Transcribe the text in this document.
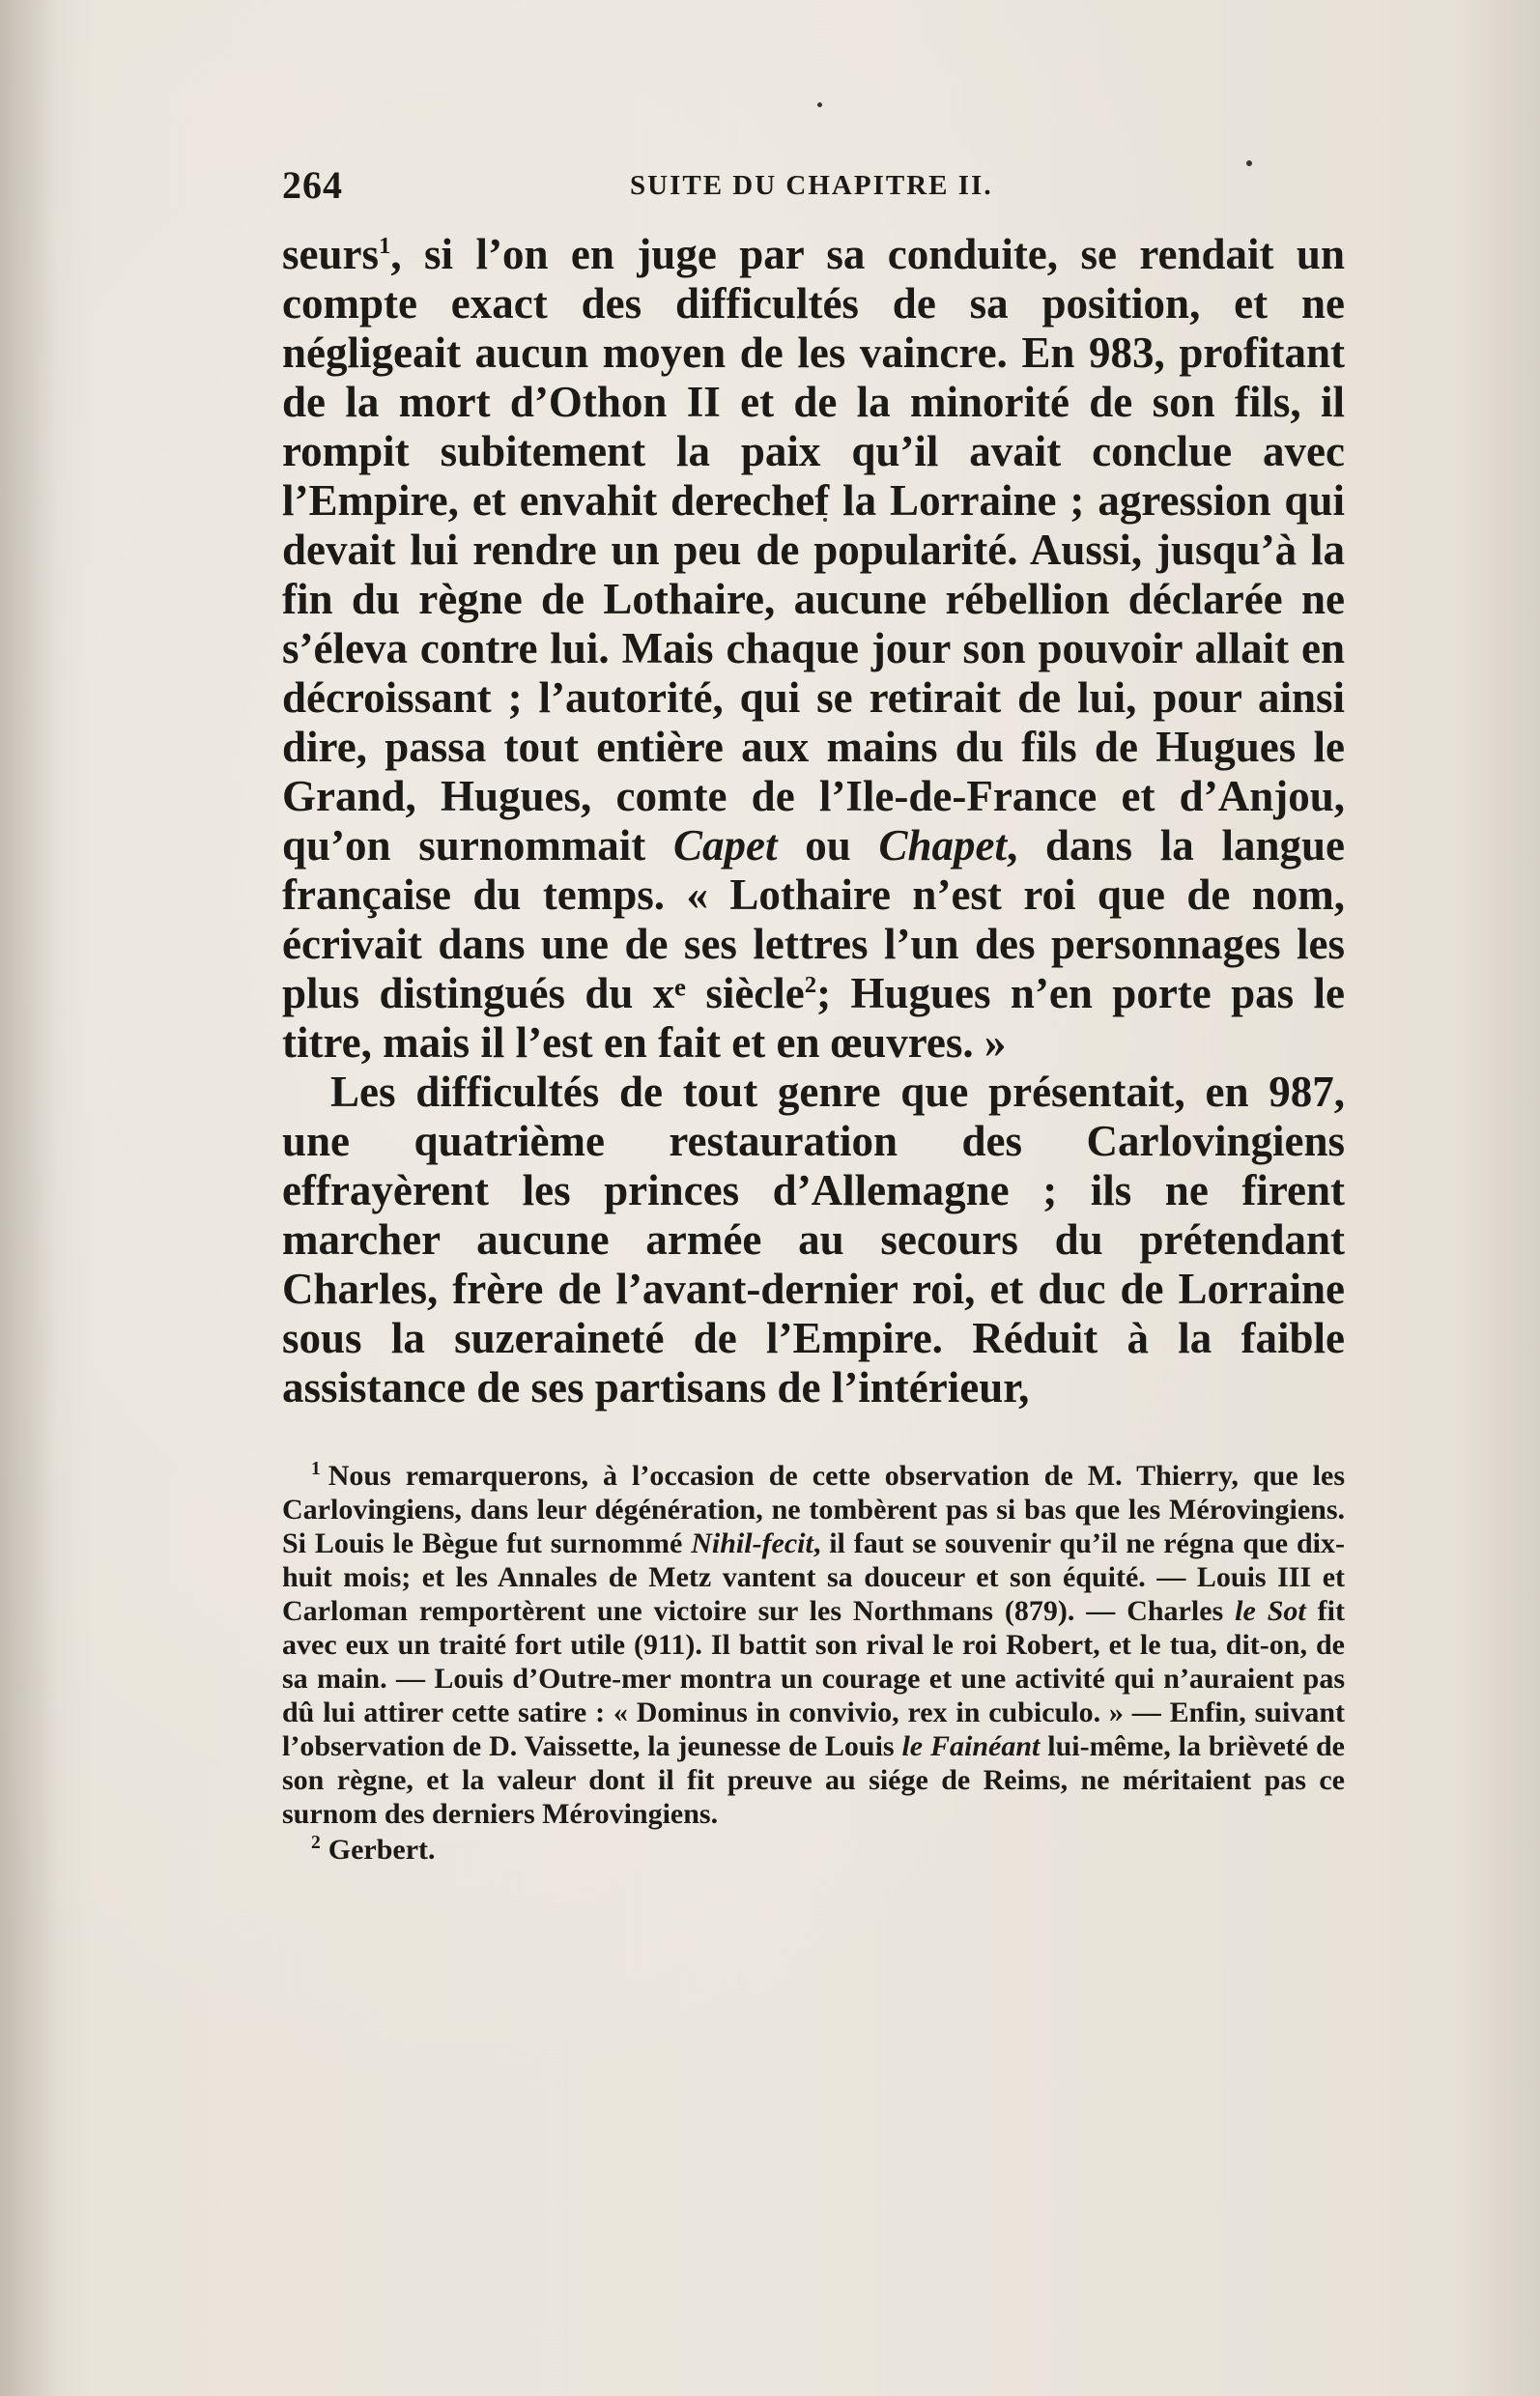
264	SUITE DU CHAPITRE II.

seurs$^1$, si l’on en juge par sa conduite, se rendait un compte exact des difficultés de sa position, et ne négligeait aucun moyen de les vaincre. En 983, profitant de la mort d’Othon II et de la minorité de son fils, il rompit subitement la paix qu’il avait conclue avec l’Empire, et envahit derechef la Lorraine ; agression qui devait lui rendre un peu de popularité. Aussi, jusqu’à la fin du règne de Lothaire, aucune rébellion déclarée ne s’éleva contre lui. Mais chaque jour son pouvoir allait en décroissant ; l’autorité, qui se retirait de lui, pour ainsi dire, passa tout entière aux mains du fils de Hugues le Grand, Hugues, comte de l’Ile-de-France et d’Anjou, qu’on surnommait Capet ou Chapet, dans la langue française du temps. « Lothaire n’est roi que de nom, écrivait dans une de ses lettres l’un des personnages les plus distingués du xᵉ siècle$^2$; Hugues n’en porte pas le titre, mais il l’est en fait et en œuvres. »

Les difficultés de tout genre que présentait, en 987, une quatrième restauration des Carlovingiens effrayèrent les princes d’Allemagne ; ils ne firent marcher aucune armée au secours du prétendant Charles, frère de l’avant-dernier roi, et duc de Lorraine sous la suzeraineté de l’Empire. Réduit à la faible assistance de ses partisans de l’intérieur,

$^1$ Nous remarquerons, à l’occasion de cette observation de M. Thierry, que les Carlovingiens, dans leur dégénération, ne tombèrent pas si bas que les Mérovingiens. Si Louis le Bègue fut surnommé Nihil-fecit, il faut se souvenir qu’il ne régna que dix-huit mois; et les Annales de Metz vantent sa douceur et son équité. — Louis III et Carloman remportèrent une victoire sur les Northmans (879). — Charles le Sot fit avec eux un traité fort utile (911). Il battit son rival le roi Robert, et le tua, dit-on, de sa main. — Louis d’Outre-mer montra un courage et une activité qui n’auraient pas dû lui attirer cette satire : « Dominus in convivio, rex in cubiculo. » — Enfin, suivant l’observation de D. Vaissette, la jeunesse de Louis le Fainéant lui-même, la brièveté de son règne, et la valeur dont il fit preuve au siége de Reims, ne méritaient pas ce surnom des derniers Mérovingiens.

$^2$ Gerbert.
